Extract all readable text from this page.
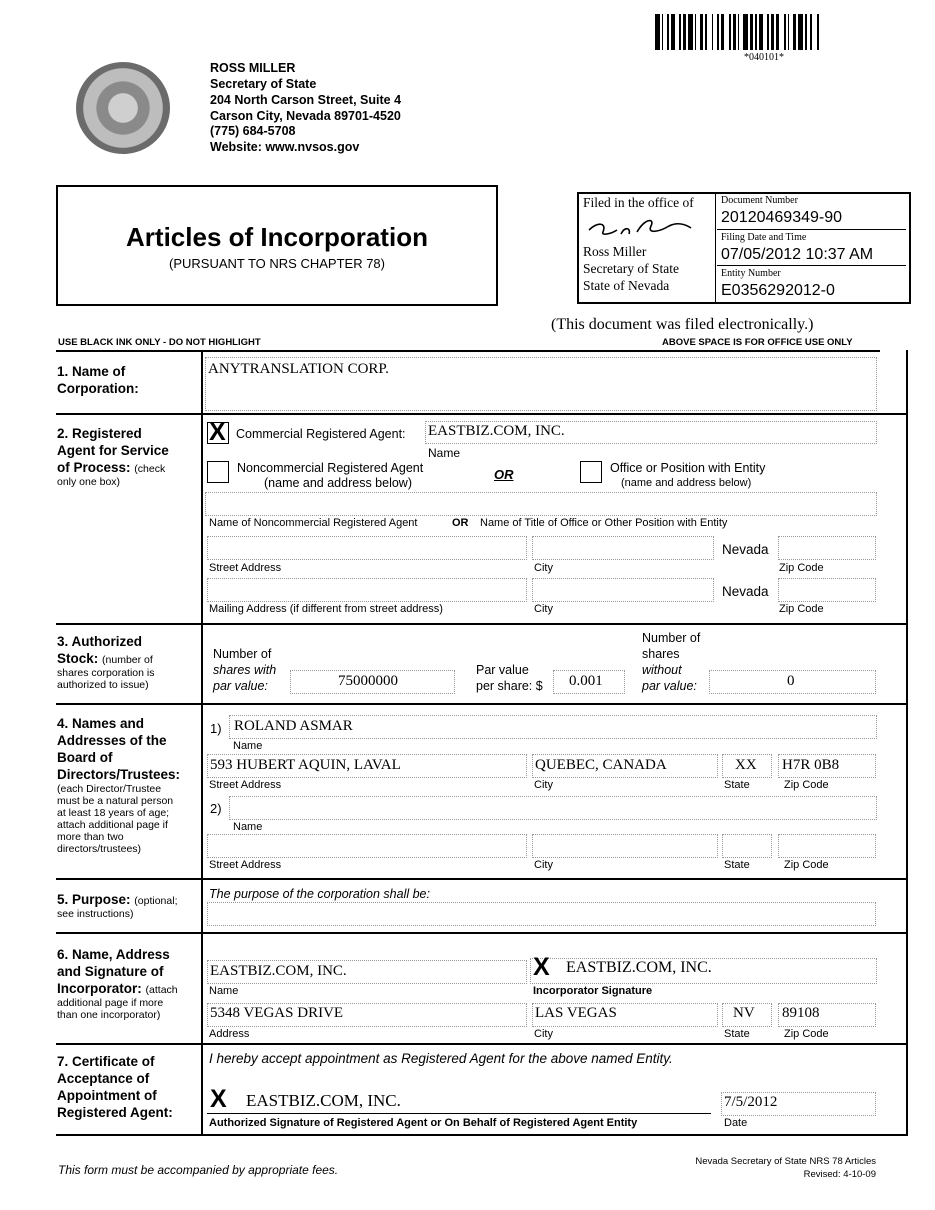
*040101*
ROSS MILLER
Secretary of State
204 North Carson Street, Suite 4
Carson City, Nevada 89701-4520
(775) 684-5708
Website: www.nvsos.gov
Articles of Incorporation
(PURSUANT TO NRS CHAPTER 78)
Filed in the office of
Ross Miller
Secretary of State
State of Nevada
Document Number
20120469349-90
Filing Date and Time
07/05/2012 10:37 AM
Entity Number
E0356292012-0
(This document was filed electronically.)
USE BLACK INK ONLY - DO NOT HIGHLIGHT	ABOVE SPACE IS FOR OFFICE USE ONLY
1. Name of
Corporation:
ANYTRANSLATION CORP.
2. Registered
Agent for Service
of Process: (check
only one box)
X Commercial Registered Agent: EASTBIZ.COM, INC.
Name
Noncommercial Registered Agent
(name and address below)
OR	Office or Position with Entity
(name and address below)
Name of Noncommercial Registered Agent	OR Name of Title of Office or Other Position with Entity
Nevada
Street Address	City	Zip Code
Nevada
Mailing Address (if different from street address)	City	Zip Code
3. Authorized
Stock: (number of
shares corporation is
authorized to issue)
Number of
shares with
par value:	75000000
Par value
per share: $ 0.001
Number of
shares
without
par value:	0
4. Names and
Addresses of the
Board of
Directors/Trustees:
(each Director/Trustee
must be a natural person
at least 18 years of age;
attach additional page if
more than two
directors/trustees)
1) ROLAND ASMAR
Name
593 HUBERT AQUIN, LAVAL	QUEBEC, CANADA	XX H7R 0B8
Street Address	City	State	Zip Code
2)
Name
Street Address	City	State	Zip Code
5. Purpose: (optional;
see instructions)
The purpose of the corporation shall be:
6. Name, Address
and Signature of
Incorporator: (attach
additional page if more
than one incorporator)
EASTBIZ.COM, INC.	X EASTBIZ.COM, INC.
Name	Incorporator Signature
5348 VEGAS DRIVE	LAS VEGAS	NV 89108
Address	City	State	Zip Code
7. Certificate of
Acceptance of
Appointment of
Registered Agent:
I hereby accept appointment as Registered Agent for the above named Entity.
X EASTBIZ.COM, INC.	7/5/2012
Authorized Signature of Registered Agent or On Behalf of Registered Agent Entity	Date
This form must be accompanied by appropriate fees.
Nevada Secretary of State NRS 78 Articles
Revised: 4-10-09
